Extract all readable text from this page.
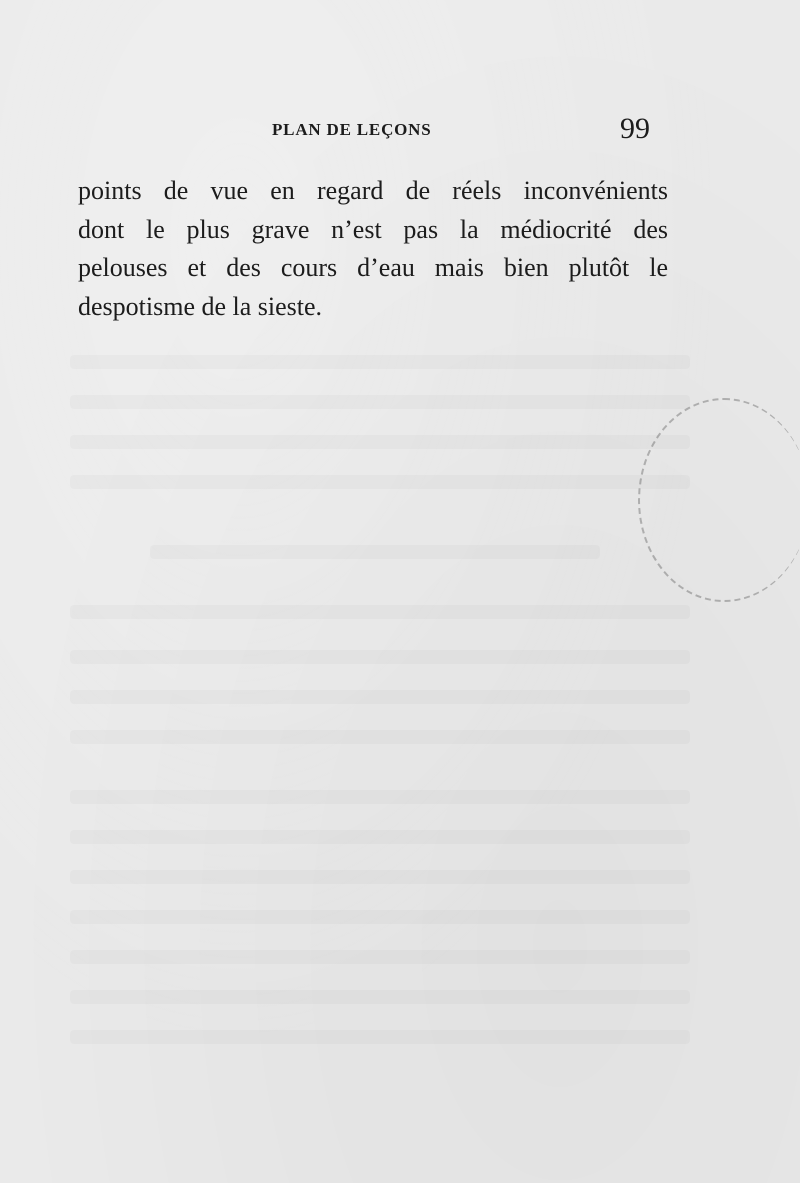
PLAN DE LEÇONS	99

points de vue en regard de réels inconvénients
dont le plus grave n’est pas la médiocrité des
pelouses et des cours d’eau mais bien plutôt le
despotisme de la sieste.
